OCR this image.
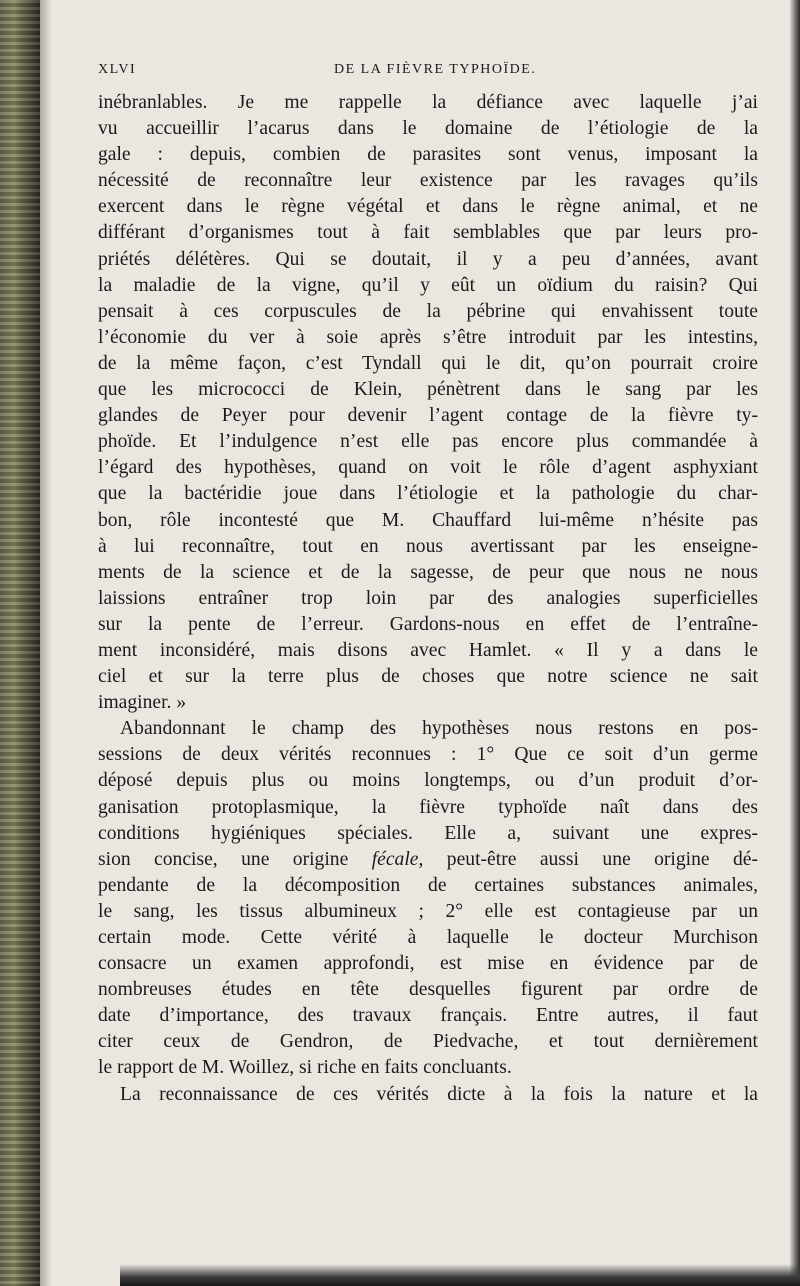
XLVI	DE LA FIÈVRE TYPHOÏDE.
inébranlables. Je me rappelle la défiance avec laquelle j’ai
vu accueillir l’acarus dans le domaine de l’étiologie de la
gale : depuis, combien de parasites sont venus, imposant la
nécessité de reconnaître leur existence par les ravages qu’ils
exercent dans le règne végétal et dans le règne animal, et ne
différant d’organismes tout à fait semblables que par leurs pro-
priétés délétères. Qui se doutait, il y a peu d’années, avant
la maladie de la vigne, qu’il y eût un oïdium du raisin? Qui
pensait à ces corpuscules de la pébrine qui envahissent toute
l’économie du ver à soie après s’être introduit par les intestins,
de la même façon, c’est Tyndall qui le dit, qu’on pourrait croire
que les micrococci de Klein, pénètrent dans le sang par les
glandes de Peyer pour devenir l’agent contage de la fièvre ty-
phoïde. Et l’indulgence n’est elle pas encore plus commandée à
l’égard des hypothèses, quand on voit le rôle d’agent asphyxiant
que la bactéridie joue dans l’étiologie et la pathologie du char-
bon, rôle incontesté que M. Chauffard lui-même n’hésite pas
à lui reconnaître, tout en nous avertissant par les enseigne-
ments de la science et de la sagesse, de peur que nous ne nous
laissions entraîner trop loin par des analogies superficielles
sur la pente de l’erreur. Gardons-nous en effet de l’entraîne-
ment inconsidéré, mais disons avec Hamlet. « Il y a dans le
ciel et sur la terre plus de choses que notre science ne sait
imaginer. »
Abandonnant le champ des hypothèses nous restons en pos-
sessions de deux vérités reconnues : 1° Que ce soit d’un germe
déposé depuis plus ou moins longtemps, ou d’un produit d’or-
ganisation protoplasmique, la fièvre typhoïde naît dans des
conditions hygiéniques spéciales. Elle a, suivant une expres-
sion concise, une origine fécale, peut-être aussi une origine dé-
pendante de la décomposition de certaines substances animales,
le sang, les tissus albumineux ; 2° elle est contagieuse par un
certain mode. Cette vérité à laquelle le docteur Murchison
consacre un examen approfondi, est mise en évidence par de
nombreuses études en tête desquelles figurent par ordre de
date d’importance, des travaux français. Entre autres, il faut
citer ceux de Gendron, de Piedvache, et tout dernièrement
le rapport de M. Woillez, si riche en faits concluants.
La reconnaissance de ces vérités dicte à la fois la nature et la
